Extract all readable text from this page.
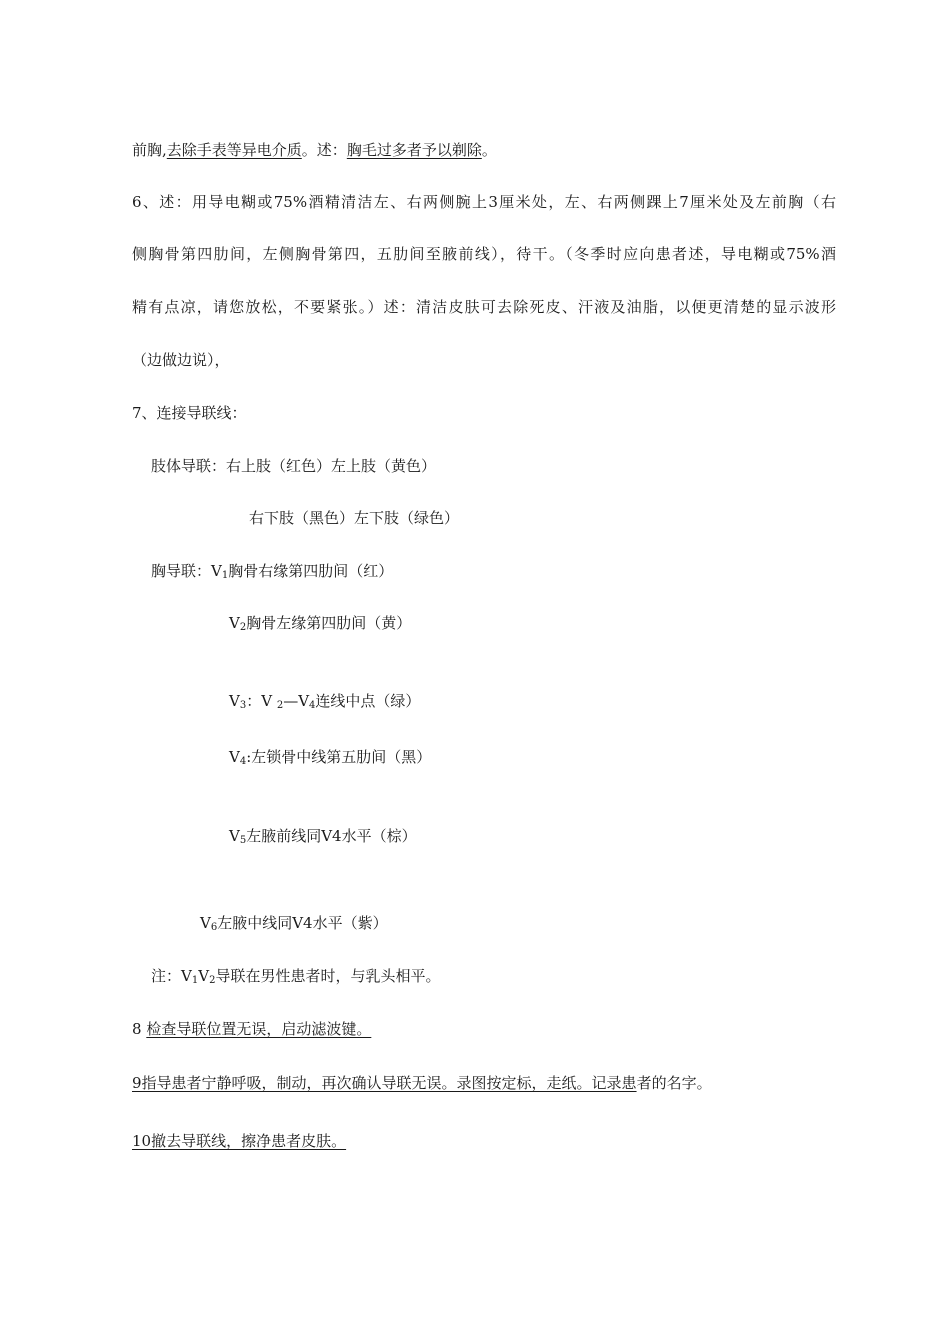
前胸,去除手表等异电介质。述：胸毛过多者予以剃除。
6、述：用导电糊或75%酒精清洁左、右两侧腕上3厘米处，左、右两侧踝上7厘米处及左前胸（右
侧胸骨第四肋间，左侧胸骨第四，五肋间至腋前线），待干。（冬季时应向患者述，导电糊或75%酒
精有点凉，请您放松，不要紧张。）述：清洁皮肤可去除死皮、汗液及油脂，以便更清楚的显示波形
（边做边说），
7、连接导联线：
肢体导联：右上肢（红色）左上肢（黄色）
右下肢（黑色）左下肢（绿色）
胸导联：$V_1$胸骨右缘第四肋间（红）
$V_2$胸骨左缘第四肋间（黄）
$V_3$：V $_2—V_4$连线中点（绿）
$V_4$:左锁骨中线第五肋间（黑）
$V_5$左腋前线同V4水平（棕）
$V_6$左腋中线同V4水平（紫）
注：$V_1V_2$导联在男性患者时，与乳头相平。
8 检查导联位置无误，启动滤波键。
9指导患者宁静呼吸，制动，再次确认导联无误。录图按定标，走纸。记录患者的名字。
10撤去导联线，擦净患者皮肤。
